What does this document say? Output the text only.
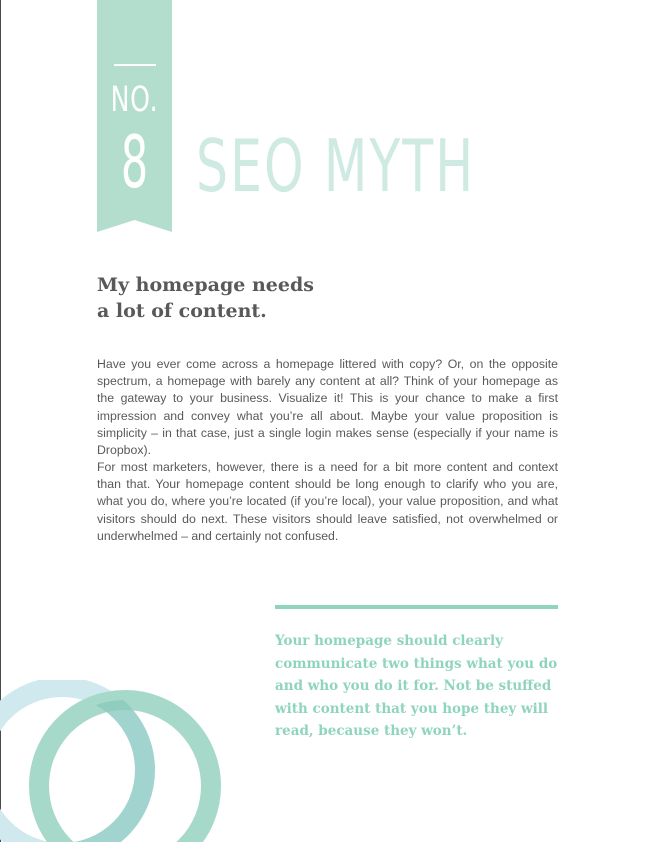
NO.
8 SEO MYTH
My homepage needs
a lot of content.

Have you ever come across a homepage littered with copy? Or, on the opposite spectrum, a homepage with barely any content at all? Think of your homepage as the gateway to your business. Visualize it! This is your chance to make a first impression and convey what you’re all about. Maybe your value proposition is simplicity – in that case, just a single login makes sense (especially if your name is Dropbox).

For most marketers, however, there is a need for a bit more content and context than that. Your homepage content should be long enough to clarify who you are, what you do, where you’re located (if you’re local), your value proposition, and what visitors should do next. These visitors should leave satisfied, not overwhelmed or underwhelmed – and certainly not confused.

Your homepage should clearly
communicate two things what you do
and who you do it for. Not be stuffed
with content that you hope they will
read, because they won’t.
